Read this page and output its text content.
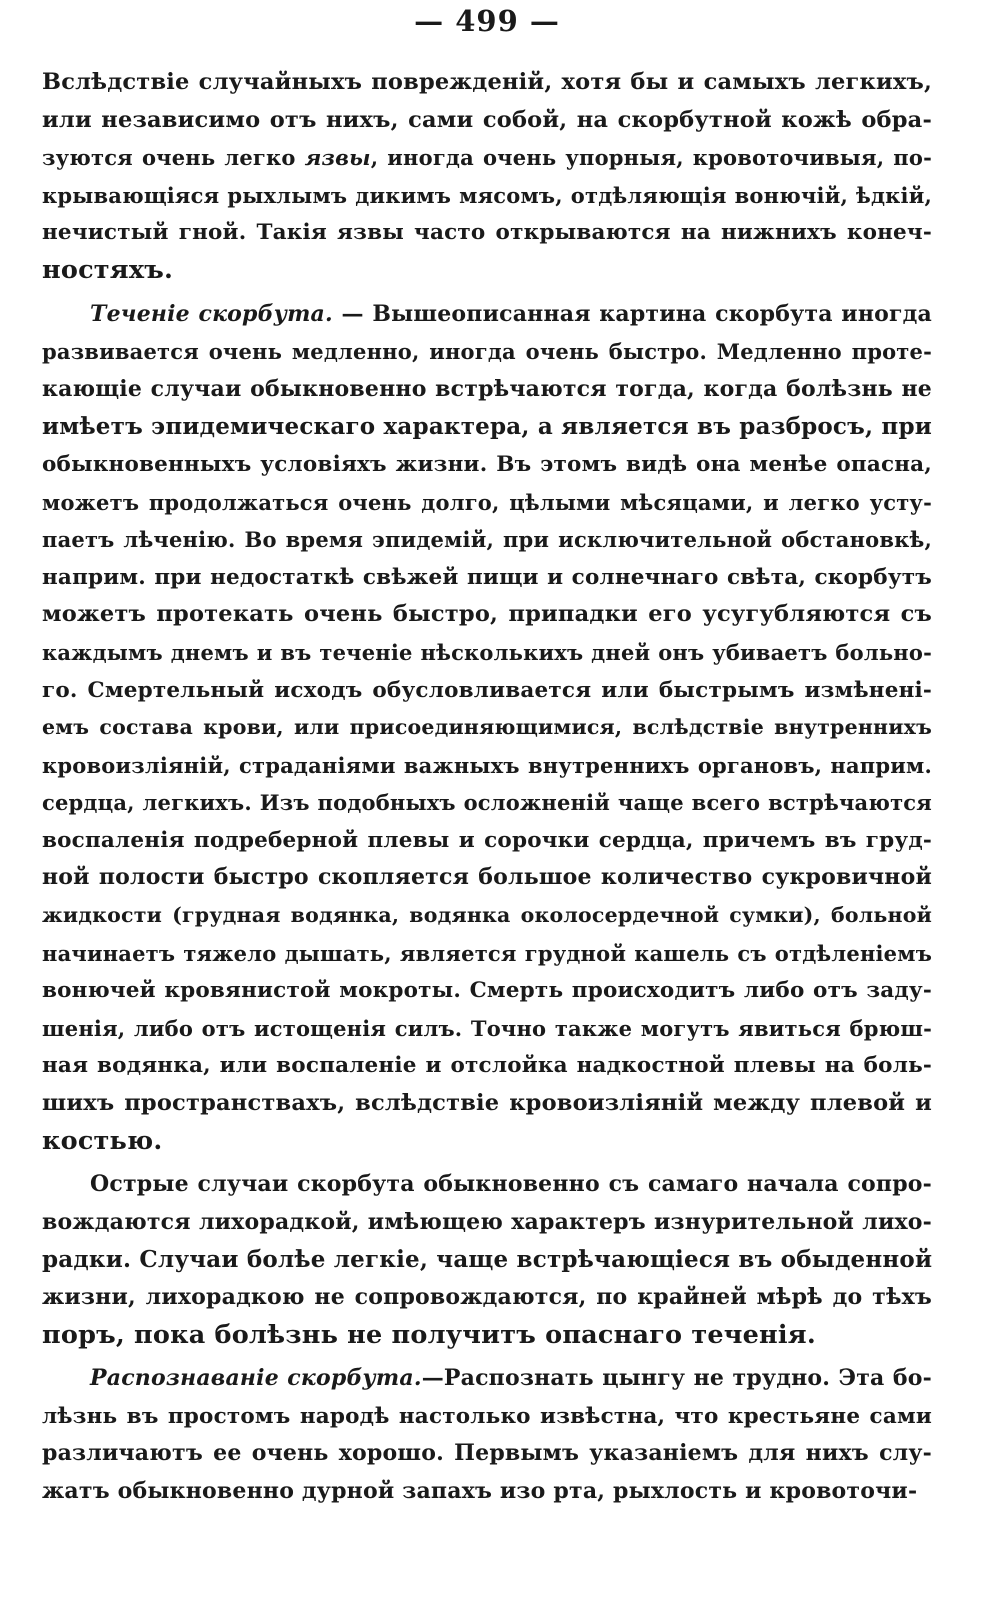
— 499 —
Вслѣдствіе случайныхъ поврежденій, хотя бы и самыхъ легкихъ,
или независимо отъ нихъ, сами собой, на скорбутной кожѣ обра-
зуются очень легко язвы, иногда очень упорныя, кровоточивыя, по-
крывающіяся рыхлымъ дикимъ мясомъ, отдѣляющія вонючій, ѣдкій,
нечистый гной. Такія язвы часто открываются на нижнихъ конеч-
ностяхъ.
Теченіе скорбута. — Вышеописанная картина скорбута иногда
развивается очень медленно, иногда очень быстро. Медленно проте-
кающіе случаи обыкновенно встрѣчаются тогда, когда болѣзнь не
имѣетъ эпидемическаго характера, а является въ разбросъ, при
обыкновенныхъ условіяхъ жизни. Въ этомъ видѣ она менѣе опасна,
можетъ продолжаться очень долго, цѣлыми мѣсяцами, и легко усту-
паетъ лѣченію. Во время эпидемій, при исключительной обстановкѣ,
наприм. при недостаткѣ свѣжей пищи и солнечнаго свѣта, скорбутъ
можетъ протекать очень быстро, припадки его усугубляются съ
каждымъ днемъ и въ теченіе нѣсколькихъ дней онъ убиваетъ больно-
го. Смертельный исходъ обусловливается или быстрымъ измѣнені-
емъ состава крови, или присоединяющимися, вслѣдствіе внутреннихъ
кровоизліяній, страданіями важныхъ внутреннихъ органовъ, наприм.
сердца, легкихъ. Изъ подобныхъ осложненій чаще всего встрѣчаются
воспаленія подреберной плевы и сорочки сердца, причемъ въ груд-
ной полости быстро скопляется большое количество сукровичной
жидкости (грудная водянка, водянка околосердечной сумки), больной
начинаетъ тяжело дышать, является грудной кашель съ отдѣленіемъ
вонючей кровянистой мокроты. Смерть происходитъ либо отъ заду-
шенія, либо отъ истощенія силъ. Точно также могутъ явиться брюш-
ная водянка, или воспаленіе и отслойка надкостной плевы на боль-
шихъ пространствахъ, вслѣдствіе кровоизліяній между плевой и
костью.
Острые случаи скорбута обыкновенно съ самаго начала сопро-
вождаются лихорадкой, имѣющею характеръ изнурительной лихо-
радки. Случаи болѣе легкіе, чаще встрѣчающіеся въ обыденной
жизни, лихорадкою не сопровождаются, по крайней мѣрѣ до тѣхъ
поръ, пока болѣзнь не получитъ опаснаго теченія.
Распознаваніе скорбута.—Распознать цынгу не трудно. Эта бо-
лѣзнь въ простомъ народѣ настолько извѣстна, что крестьяне сами
различаютъ ее очень хорошо. Первымъ указаніемъ для нихъ слу-
жатъ обыкновенно дурной запахъ изо рта, рыхлость и кровоточи-
